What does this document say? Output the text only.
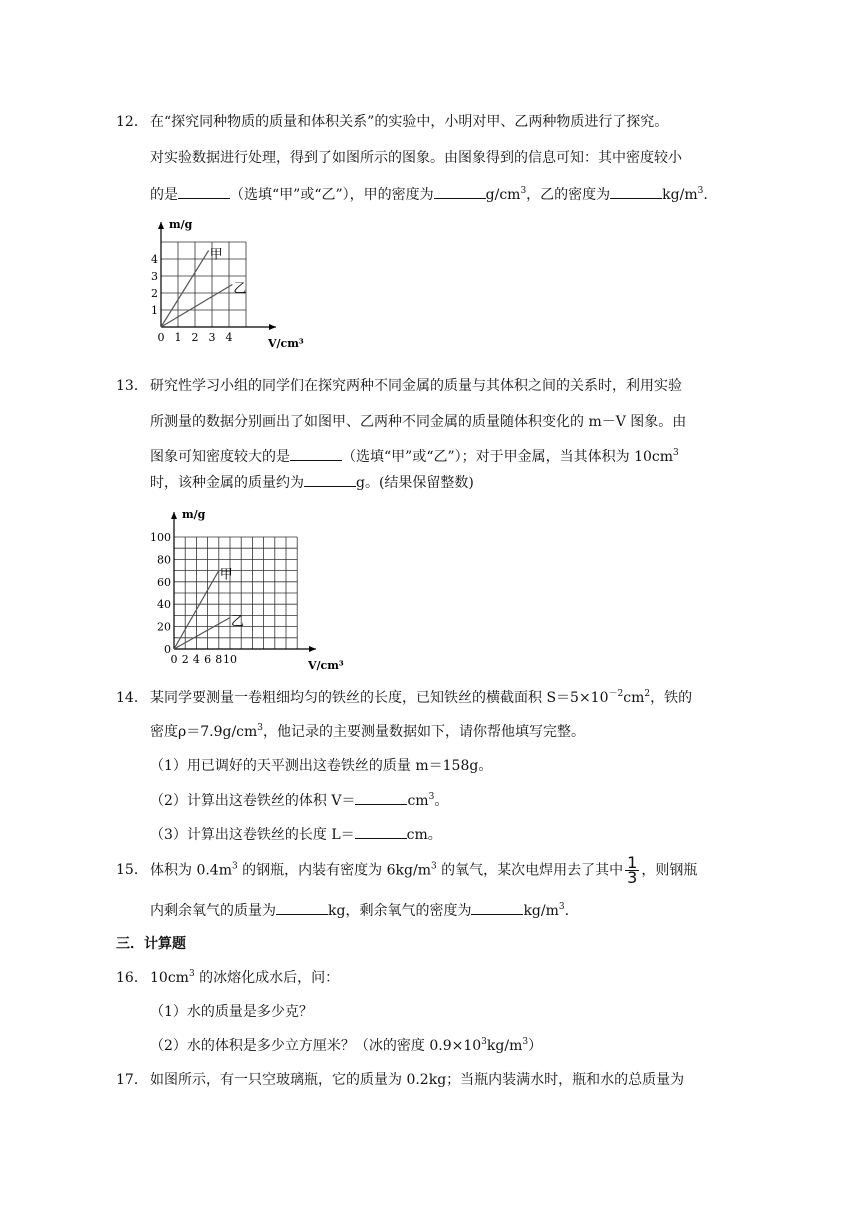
12． 在“探究同种物质的质量和体积关系”的实验中，小明对甲、乙两种物质进行了探究。
对实验数据进行处理，得到了如图所示的图象。由图象得到的信息可知：其中密度较小
的是	（选填“甲”或“乙”），甲的密度为	$g/cm^3$，乙的密度为	$kg/m^3$.
0 1 2 3 4
1
2
3
4
m/g
V/cm³
甲
乙
13． 研究性学习小组的同学们在探究两种不同金属的质量与其体积之间的关系时，利用实验
所测量的数据分别画出了如图甲、乙两种不同金属的质量随体积变化的 m－V 图象。由
图象可知密度较大的是	（选填“甲”或“乙”）；对于甲金属，当其体积为 $10cm^3$
时，该种金属的质量约为	g。(结果保留整数)
0 2 4 6 8 10
20
40
60
80
100
0
m/g
V/cm³
甲
乙
14． 某同学要测量一卷粗细均匀的铁丝的长度，已知铁丝的横截面积 $S=5\times 10^{-2}cm^2$，铁的
密度$\rho=7.9g/cm^3$，他记录的主要测量数据如下，请你帮他填写完整。
（1）用已调好的天平测出这卷铁丝的质量 m＝158g。
（2）计算出这卷铁丝的体积 V＝	$cm^3$。
（3）计算出这卷铁丝的长度 L＝	cm。
15． 体积为 $0.4m^3$ 的钢瓶，内装有密度为 $6kg/m^3$ 的氧气，某次电焊用去了其中 $\frac{1}{3}$ ，则钢瓶
内剩余氧气的质量为	kg，剩余氧气的密度为	$kg/m^3$.
三．计算题
16． $10cm^3$ 的冰熔化成水后，问：
（1）水的质量是多少克？
（2）水的体积是多少立方厘米？（冰的密度 $0.9\times 10^3kg/m^3$）
17． 如图所示，有一只空玻璃瓶，它的质量为 0.2kg；当瓶内装满水时，瓶和水的总质量为
